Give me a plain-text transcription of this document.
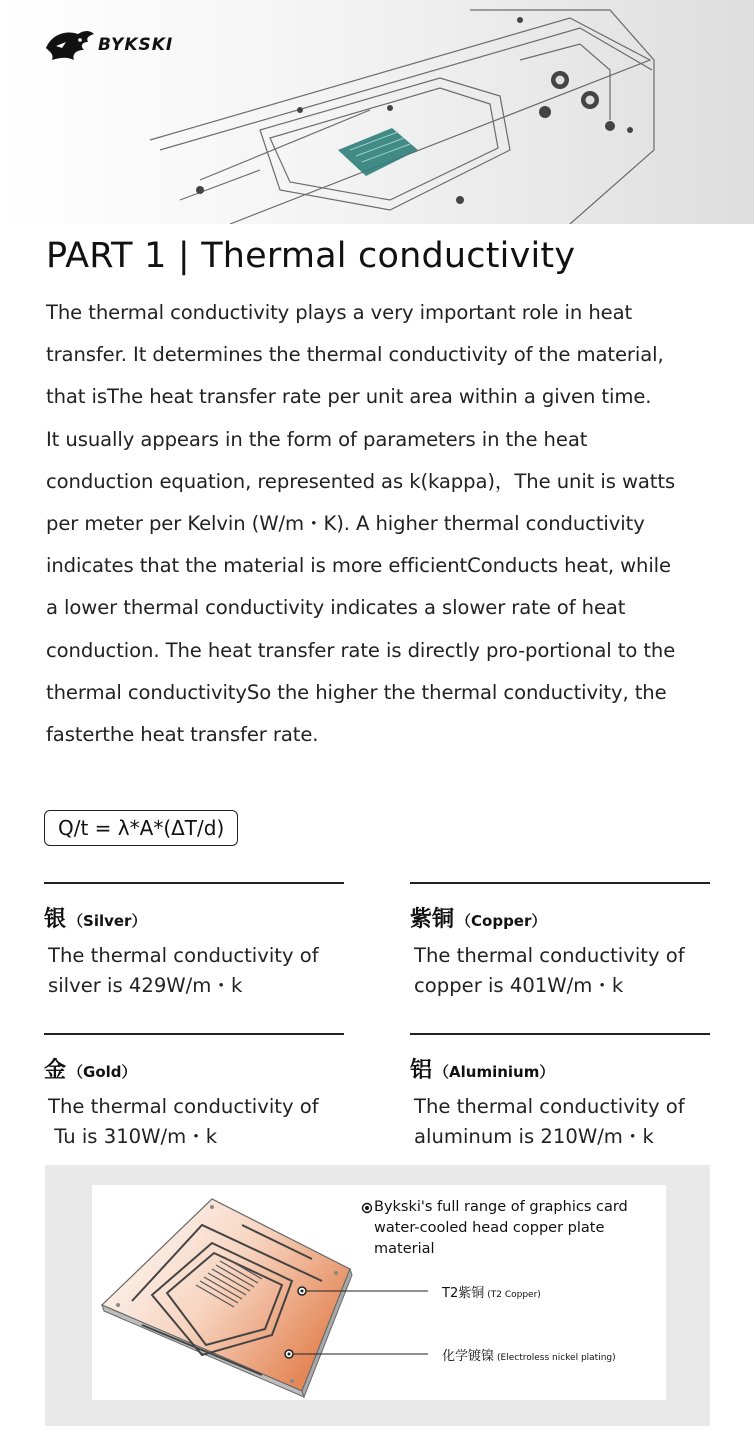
BYKSKI
PART 1 | Thermal conductivity
The thermal conductivity plays a very important role in heat
transfer. It determines the thermal conductivity of the material,
that isThe heat transfer rate per unit area within a given time.
It usually appears in the form of parameters in the heat
conduction equation, represented as k(kappa)，The unit is watts
per meter per Kelvin (W/m・K). A higher thermal conductivity
indicates that the material is more efficientConducts heat, while
a lower thermal conductivity indicates a slower rate of heat
conduction. The heat transfer rate is directly pro-portional to the
thermal conductivitySo the higher the thermal conductivity, the
fasterthe heat transfer rate.
Q/t = λ*A*(ΔT/d)
银 （Silver）
The thermal conductivity of
silver is 429W/m・k
紫铜 （Copper）
The thermal conductivity of
copper is 401W/m・k
金 （Gold）
The thermal conductivity of
Tu is 310W/m・k
铝 （Aluminium）
The thermal conductivity of
aluminum is 210W/m・k
Bykski's full range of graphics card
water-cooled head copper plate material
T2紫铜 (T2 Copper)
化学镀镍 (Electroless nickel plating)
